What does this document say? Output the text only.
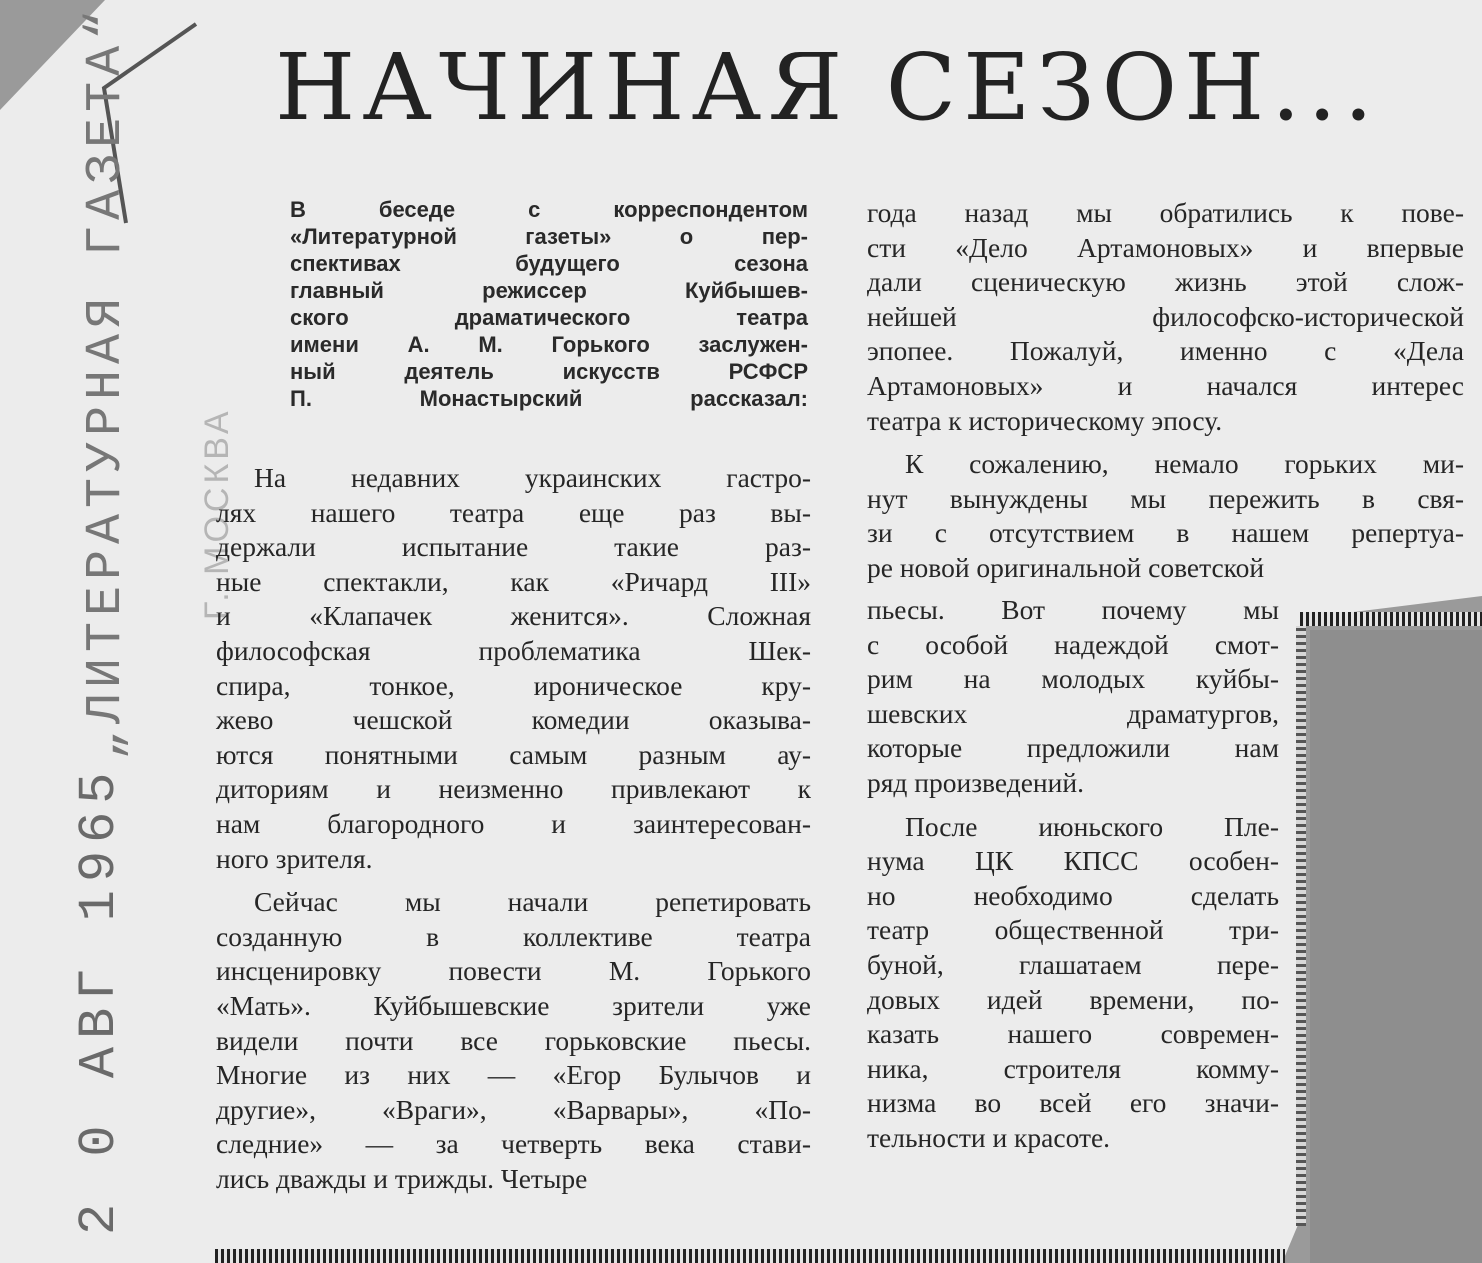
„ЛИТЕРАТУРНАЯ ГАЗЕТА“ Г. МОСКВА
2 0 АВГ 1965
НАЧИНАЯ СЕЗОН...
В беседе с корреспондентом
«Литературной газеты» о пер-
спективах будущего сезона
главный режиссер Куйбышев-
ского драматического театра
имени А. М. Горького заслужен-
ный деятель искусств РСФСР
П. Монастырский рассказал:
На недавних украинских гастро-
лях нашего театра еще раз вы-
держали испытание такие раз-
ные спектакли, как «Ричард III»
и «Клапачек женится». Сложная
философская проблематика Шек-
спира, тонкое, ироническое кру-
жево чешской комедии оказыва-
ются понятными самым разным ау-
диториям и неизменно привлекают к
нам благородного и заинтересован-
ного зрителя.
Сейчас мы начали репетировать
созданную в коллективе театра
инсценировку повести М. Горького
«Мать». Куйбышевские зрители уже
видели почти все горьковские пьесы.
Многие из них — «Егор Булычов и
другие», «Враги», «Варвары», «По-
следние» — за четверть века стави-
лись дважды и трижды. Четыре
года назад мы обратились к пове-
сти «Дело Артамоновых» и впервые
дали сценическую жизнь этой слож-
нейшей философско-исторической
эпопее. Пожалуй, именно с «Дела
Артамоновых» и начался интерес
театра к историческому эпосу.
К сожалению, немало горьких ми-
нут вынуждены мы пережить в свя-
зи с отсутствием в нашем репертуа-
ре новой оригинальной советской
пьесы. Вот почему мы
с особой надеждой смот-
рим на молодых куйбы-
шевских драматургов,
которые предложили нам
ряд произведений.
После июньского Пле-
нума ЦК КПСС особен-
но необходимо сделать
театр общественной три-
буной, глашатаем пере-
довых идей времени, по-
казать нашего современ-
ника, строителя комму-
низма во всей его значи-
тельности и красоте.
